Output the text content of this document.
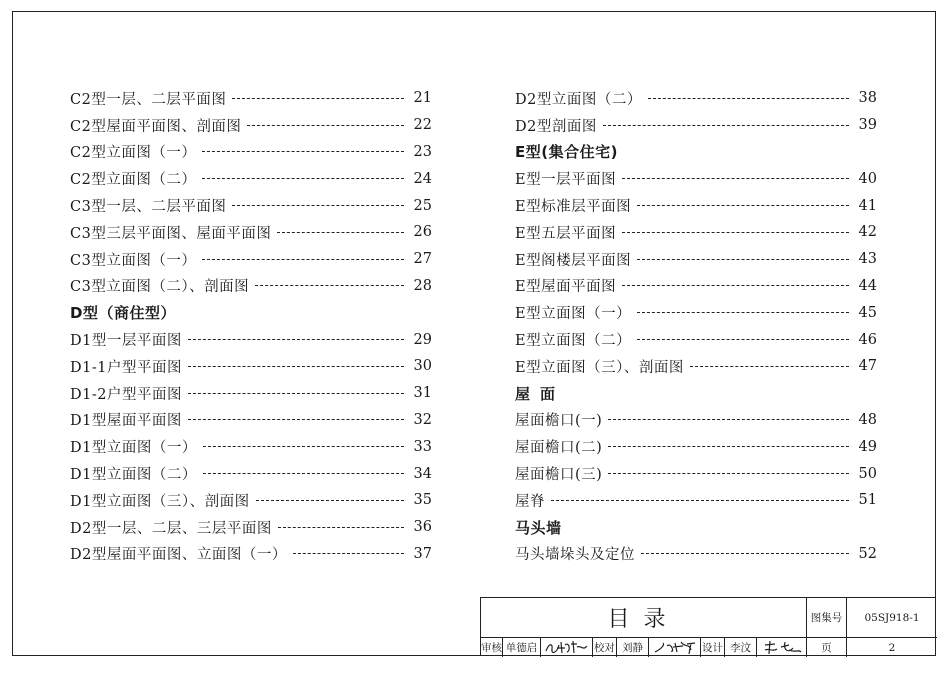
C2型一层、二层平面图	21
C2型屋面平面图、剖面图	22
C2型立面图（一）	23
C2型立面图（二）	24
C3型一层、二层平面图	25
C3型三层平面图、屋面平面图	26
C3型立面图（一）	27
C3型立面图（二）、剖面图	28
D型（商住型）
D1型一层平面图	29
D1-1户型平面图	30
D1-2户型平面图	31
D1型屋面平面图	32
D1型立面图（一）	33
D1型立面图（二）	34
D1型立面图（三）、剖面图	35
D2型一层、二层、三层平面图	36
D2型屋面平面图、立面图（一）	37
D2型立面图（二）	38
D2型剖面图	39
E型(集合住宅)
E型一层平面图	40
E型标准层平面图	41
E型五层平面图	42
E型阁楼层平面图	43
E型屋面平面图	44
E型立面图（一）	45
E型立面图（二）	46
E型立面图（三）、剖面图	47
屋面
屋面檐口(一)	48
屋面檐口(二)	49
屋面檐口(三)	50
屋脊	51
马头墙
马头墙垛头及定位	52
目录	图集号	05SJ918-1
页	2
审核 单德启	校对 刘静	设计 李汶
